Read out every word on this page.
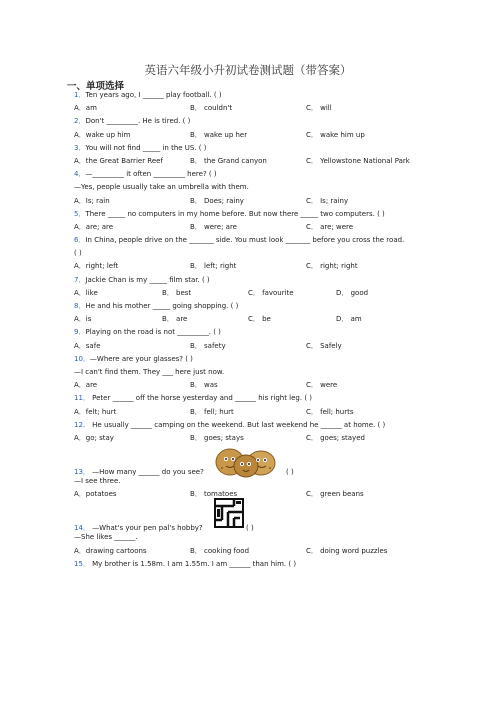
英语六年级小升初试卷测试题（带答案）
一、单项选择
1．Ten years ago, I ______ play football. ( )
A．am	B． couldn't	C． will
2．Don't _________. He is tired. ( )
A．wake up him	B． wake up her	C． wake him up
3．You will not find _____ in the US. ( )
A．the Great Barrier Reef	B． the Grand canyon	C． Yellowstone National Park
4．—_________ it often _________ here? ( )
—Yes, people usually take an umbrella with them.
A．Is; rain	B． Does; rainy	C． Is; rainy
5．There _____ no computers in my home before. But now there _____ two computers. ( )
A．are; are	B． were; are	C． are; were
6．In China, people drive on the _______ side. You must look _______ before you cross the road.
( )
A．right; left	B． left; right	C． right; right
7．Jackie Chan is my _____ film star. ( )
A．like	B． best	C． favourite	D． good
8．He and his mother _____ going shopping. ( )
A．is	B． are	C． be	D． am
9．Playing on the road is not _________. ( )
A．safe	B． safety	C． Safely
10．—Where are your glasses? ( )
—I can't find them. They ___ here just now.
A．are	B． was	C． were
11． Peter ______ off the horse yesterday and ______ his right leg. ( )
A．felt; hurt	B． fell; hurt	C． fell; hurts
12． He usually ______ camping on the weekend. But last weekend he ______ at home. ( )
A．go; stay	B． goes; stays	C． goes; stayed
13． —How many ______ do you see?	( )
—I see three.
A．potatoes	B． tomatoes	C． green beans
14． —What's your pen pal's hobby?	( )
—She likes ______.
A．drawing cartoons	B． cooking food	C． doing word puzzles
15． My brother is 1.58m. I am 1.55m. I am ______ than him. ( )
